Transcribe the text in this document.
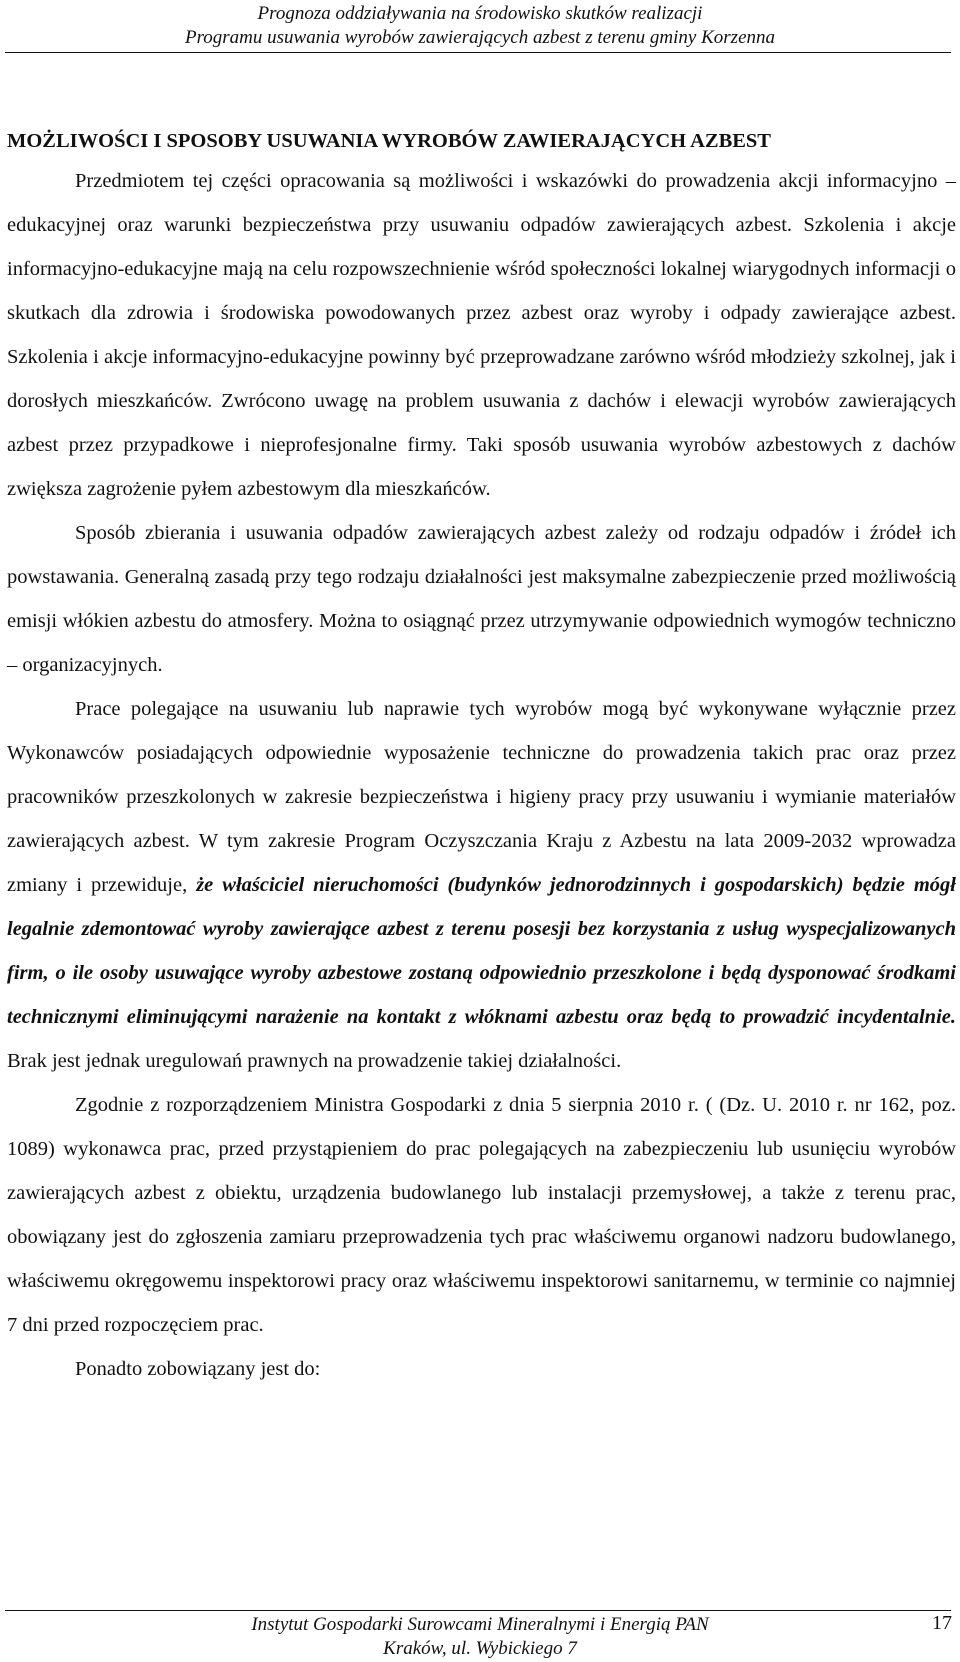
Prognoza oddziaływania na środowisko skutków realizacji
Programu usuwania wyrobów zawierających azbest z terenu gminy Korzenna

MOŻLIWOŚCI I SPOSOBY USUWANIA WYROBÓW ZAWIERAJĄCYCH AZBEST

Przedmiotem tej części opracowania są możliwości i wskazówki do prowadzenia akcji informacyjno – edukacyjnej oraz warunki bezpieczeństwa przy usuwaniu odpadów zawierających azbest. Szkolenia i akcje informacyjno-edukacyjne mają na celu rozpowszechnienie wśród społeczności lokalnej wiarygodnych informacji o skutkach dla zdrowia i środowiska powodowanych przez azbest oraz wyroby i odpady zawierające azbest. Szkolenia i akcje informacyjno-edukacyjne powinny być przeprowadzane zarówno wśród młodzieży szkolnej, jak i dorosłych mieszkańców. Zwrócono uwagę na problem usuwania z dachów i elewacji wyrobów zawierających azbest przez przypadkowe i nieprofesjonalne firmy. Taki sposób usuwania wyrobów azbestowych z dachów zwiększa zagrożenie pyłem azbestowym dla mieszkańców.

Sposób zbierania i usuwania odpadów zawierających azbest zależy od rodzaju odpadów i źródeł ich powstawania. Generalną zasadą przy tego rodzaju działalności jest maksymalne zabezpieczenie przed możliwością emisji włókien azbestu do atmosfery. Można to osiągnąć przez utrzymywanie odpowiednich wymogów techniczno – organizacyjnych.

Prace polegające na usuwaniu lub naprawie tych wyrobów mogą być wykonywane wyłącznie przez Wykonawców posiadających odpowiednie wyposażenie techniczne do prowadzenia takich prac oraz przez pracowników przeszkolonych w zakresie bezpieczeństwa i higieny pracy przy usuwaniu i wymianie materiałów zawierających azbest. W tym zakresie Program Oczyszczania Kraju z Azbestu na lata 2009-2032 wprowadza zmiany i przewiduje, że właściciel nieruchomości (budynków jednorodzinnych i gospodarskich) będzie mógł legalnie zdemontować wyroby zawierające azbest z terenu posesji bez korzystania z usług wyspecjalizowanych firm, o ile osoby usuwające wyroby azbestowe zostaną odpowiednio przeszkolone i będą dysponować środkami technicznymi eliminującymi narażenie na kontakt z włóknami azbestu oraz będą to prowadzić incydentalnie. Brak jest jednak uregulowań prawnych na prowadzenie takiej działalności.

Zgodnie z rozporządzeniem Ministra Gospodarki z dnia 5 sierpnia 2010 r. ( (Dz. U. 2010 r. nr 162, poz. 1089) wykonawca prac, przed przystąpieniem do prac polegających na zabezpieczeniu lub usunięciu wyrobów zawierających azbest z obiektu, urządzenia budowlanego lub instalacji przemysłowej, a także z terenu prac, obowiązany jest do zgłoszenia zamiaru przeprowadzenia tych prac właściwemu organowi nadzoru budowlanego, właściwemu okręgowemu inspektorowi pracy oraz właściwemu inspektorowi sanitarnemu, w terminie co najmniej 7 dni przed rozpoczęciem prac.

Ponadto zobowiązany jest do:

Instytut Gospodarki Surowcami Mineralnymi i Energią PAN
Kraków, ul. Wybickiego 7
17
